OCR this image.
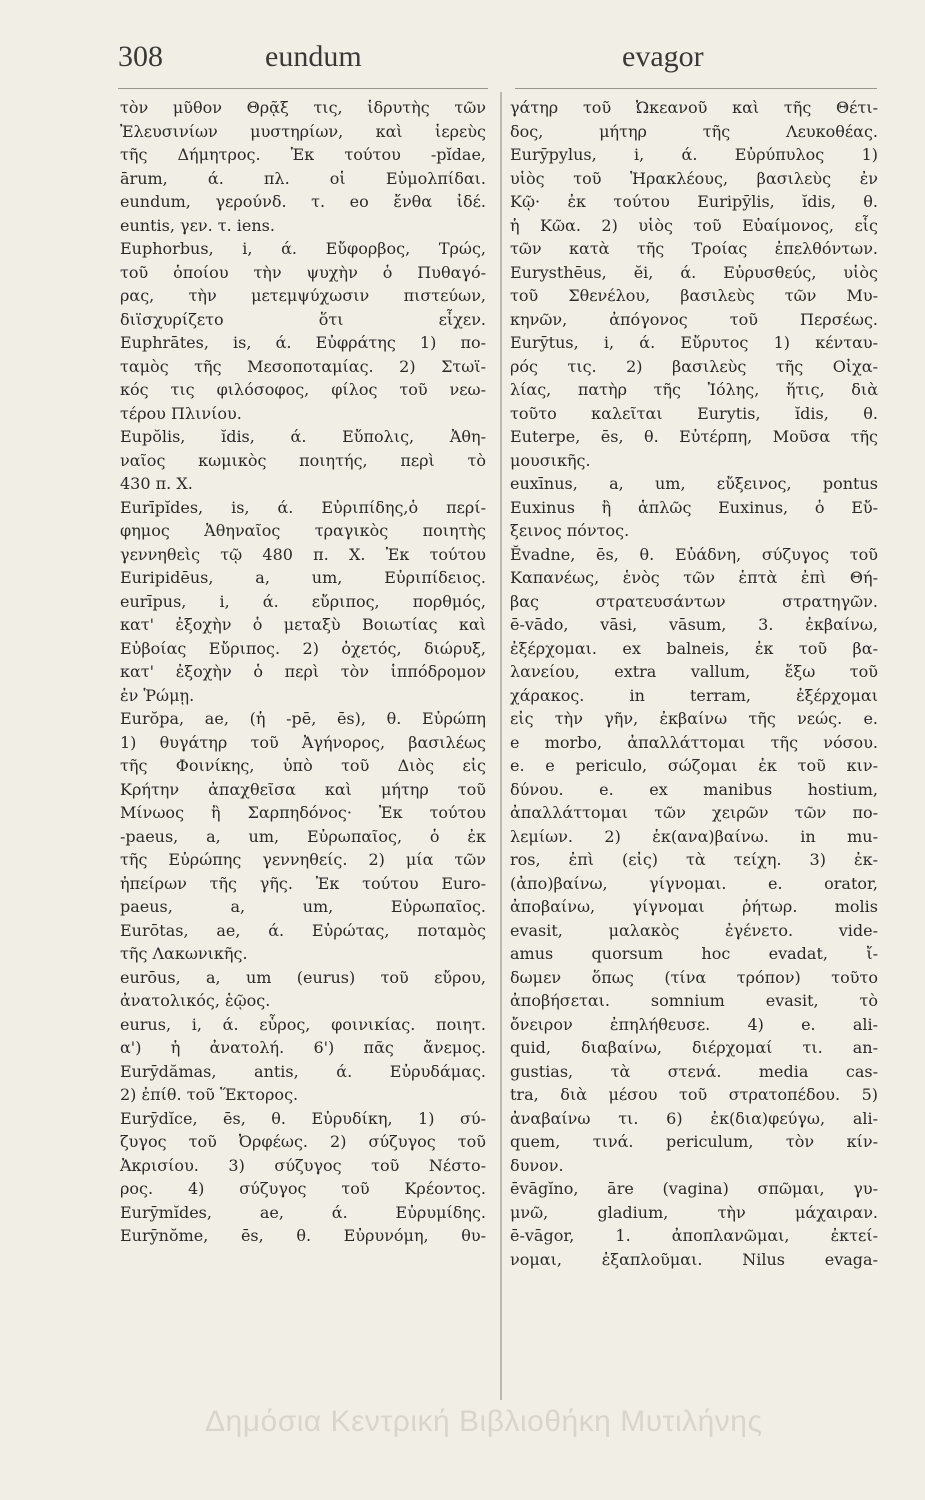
308	eundum	evagor

τὸν μῦθον Θρᾷξ τις, ἱδρυτὴς τῶν

Ἐλευσινίων μυστηρίων, καὶ ἱερεὺς

τῆς Δήμητρος. Ἐκ τούτου -pĭdae,

ārum, ά. πλ. οἱ Εὐμολπίδαι.

eundum, γερούνδ. τ. eo ἔνθα ἰδέ.

euntis, γεν. τ. iens.

Euphorbus, i, ά. Εὔφορβος, Τρώς,

τοῦ ὁποίου τὴν ψυχὴν ὁ Πυθαγό-

ρας, τὴν μετεμψύχωσιν πιστεύων,

διϊσχυρίζετο ὅτι εἶχεν.

Euphrātes, is, ά. Εὐφράτης 1) πο-

ταμὸς τῆς Μεσοποταμίας. 2) Στωϊ-

κός τις φιλόσοφος, φίλος τοῦ νεω-

τέρου Πλινίου.

Eupŏlis, ĭdis, ά. Εὔπολις, Ἀθη-

ναῖος κωμικὸς ποιητής, περὶ τὸ

430 π. Χ.

Eurīpĭdes, is, ά. Εὐριπίδης,ὁ περί-

φημος Ἀθηναῖος τραγικὸς ποιητὴς

γεννηθεὶς τῷ 480 π. Χ. Ἐκ τούτου

Euripidēus, a, um, Εὐριπίδειος.

eurīpus, i, ά. εὔριπος, πορθμός,

κατ' ἐξοχὴν ὁ μεταξὺ Βοιωτίας καὶ

Εὐβοίας Εὔριπος. 2) ὀχετός, διώρυξ,

κατ' ἐξοχὴν ὁ περὶ τὸν ἱππόδρομον

ἐν Ῥώμῃ.

Eurŏpa, ae, (ἡ -pē, ēs), θ. Εὐρώπη

1) θυγάτηρ τοῦ Ἀγήνορος, βασιλέως

τῆς Φοινίκης, ὑπὸ τοῦ Διὸς εἰς

Κρήτην ἀπαχθεῖσα καὶ μήτηρ τοῦ

Μίνωος ἢ Σαρπηδόνος· Ἐκ τούτου

-paeus, a, um, Εὐρωπαῖος, ὁ ἐκ

τῆς Εὐρώπης γεννηθείς. 2) μία τῶν

ἠπείρων τῆς γῆς. Ἐκ τούτου Euro-

paeus, a, um, Εὐρωπαῖος.

Eurōtas, ae, ά. Εὐρώτας, ποταμὸς

τῆς Λακωνικῆς.

eurōus, a, um (eurus) τοῦ εὔρου,

ἀνατολικός, ἑῷος.

eurus, i, ά. εὖρος, φοινικίας. ποιητ.

α') ἡ ἀνατολή. 6') πᾶς ἄνεμος.

Eurȳdămas, antis, ά. Εὐρυδάμας.

2) ἐπίθ. τοῦ Ἕκτορος.

Eurȳdĭce, ēs, θ. Εὐρυδίκη, 1) σύ-

ζυγος τοῦ Ὀρφέως. 2) σύζυγος τοῦ

Ἀκρισίου. 3) σύζυγος τοῦ Νέστο-

ρος. 4) σύζυγος τοῦ Κρέοντος.

Eurȳmĭdes, ae, ά. Εὐρυμίδης.

Eurȳnŏme, ēs, θ. Εὐρυνόμη, θυ-

γάτηρ τοῦ Ὠκεανοῦ καὶ τῆς Θέτι-

δος, μήτηρ τῆς Λευκοθέας.

Eurȳpylus, i, ά. Εὐρύπυλος 1)

υἱὸς τοῦ Ἡρακλέους, βασιλεὺς ἐν

Κῷ· ἐκ τούτου Euripȳlis, ĭdis, θ.

ἡ Κῶα. 2) υἱὸς τοῦ Εὐαίμονος, εἷς

τῶν κατὰ τῆς Τροίας ἐπελθόντων.

Eurysthēus, ĕi, ά. Εὐρυσθεύς, υἱὸς

τοῦ Σθενέλου, βασιλεὺς τῶν Μυ-

κηνῶν, ἀπόγονος τοῦ Περσέως.

Eurȳtus, i, ά. Εὔρυτος 1) κένταυ-

ρός τις. 2) βασιλεὺς τῆς Οἰχα-

λίας, πατὴρ τῆς Ἰόλης, ἥτις, διὰ

τοῦτο καλεῖται Eurytis, ĭdis, θ.

Euterpe, ēs, θ. Εὐτέρπη, Μοῦσα τῆς

μουσικῆς.

euxīnus, a, um, εὔξεινος, pontus

Euxinus ἢ ἁπλῶς Euxinus, ὁ Εὔ-

ξεινος πόντος.

Ĕvadne, ēs, θ. Εὐάδνη, σύζυγος τοῦ

Καπανέως, ἑνὸς τῶν ἑπτὰ ἐπὶ Θή-

βας στρατευσάντων στρατηγῶν.

ē-vādo, vāsi, vāsum, 3. ἐκβαίνω,

ἐξέρχομαι. ex balneis, ἐκ τοῦ βα-

λανείου, extra vallum, ἔξω τοῦ

χάρακος. in terram, ἐξέρχομαι

εἰς τὴν γῆν, ἐκβαίνω τῆς νεώς. e.

e morbo, ἀπαλλάττομαι τῆς νόσου.

e. e periculo, σώζομαι ἐκ τοῦ κιν-

δύνου. e. ex manibus hostium,

ἀπαλλάττομαι τῶν χειρῶν τῶν πο-

λεμίων. 2) ἐκ(ανα)βαίνω. in mu-

ros, ἐπὶ (εἰς) τὰ τείχη. 3) ἐκ-

(ἀπο)βαίνω, γίγνομαι. e. orator,

ἀποβαίνω, γίγνομαι ῥήτωρ. molis

evasit, μαλακὸς ἐγένετο. vide-

amus quorsum hoc evadat, ἴ-

δωμεν ὅπως (τίνα τρόπον) τοῦτο

ἀποβήσεται. somnium evasit, τὸ

ὄνειρον ἐπηλήθευσε. 4) e. ali-

quid, διαβαίνω, διέρχομαί τι. an-

gustias, τὰ στενά. media cas-

tra, διὰ μέσου τοῦ στρατοπέδου. 5)

ἀναβαίνω τι. 6) ἐκ(δια)φεύγω, ali-

quem, τινά. periculum, τὸν κίν-

δυνον.

ēvāgĭno, āre (vagina) σπῶμαι, γυ-

μνῶ, gladium, τὴν μάχαιραν.

ē-vāgor, 1. ἀποπλανῶμαι, ἐκτεί-

νομαι, ἐξαπλοῦμαι. Nilus evaga-

Δημόσια Κεντρική Βιβλιοθήκη Μυτιλήνης
